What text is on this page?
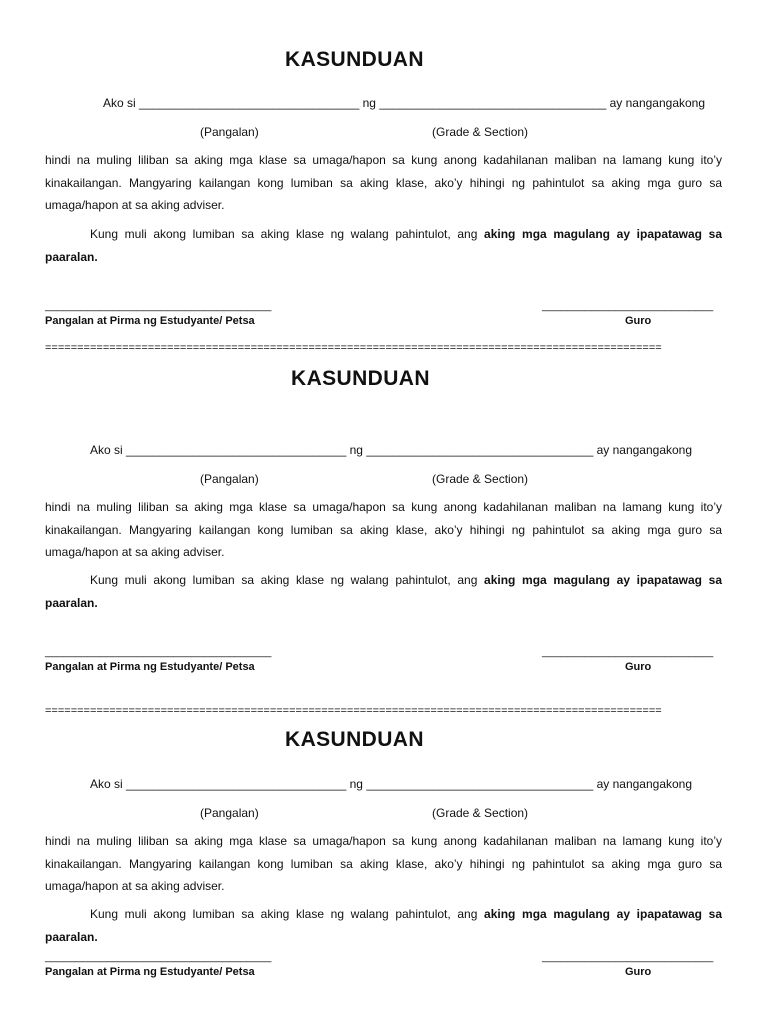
KASUNDUAN
Ako si _________________________________ ng __________________________________ ay nangangakong
(Pangalan)	(Grade & Section)

hindi na muling liliban sa aking mga klase sa umaga/hapon sa kung anong kadahilanan maliban na lamang kung ito’y kinakailangan. Mangyaring kailangan kong lumiban sa aking klase, ako’y hihingi ng pahintulot sa aking mga guro sa umaga/hapon at sa aking adviser.

Kung muli akong lumiban sa aking klase ng walang pahintulot, ang aking mga magulang ay ipapatawag sa paaralan.

_____________________________________
Pangalan at Pirma ng Estudyante/ Petsa
____________________________
Guro
================================================================================================
KASUNDUAN
Ako si _________________________________ ng __________________________________ ay nangangakong
(Pangalan)	(Grade & Section)

hindi na muling liliban sa aking mga klase sa umaga/hapon sa kung anong kadahilanan maliban na lamang kung ito’y kinakailangan. Mangyaring kailangan kong lumiban sa aking klase, ako’y hihingi ng pahintulot sa aking mga guro sa umaga/hapon at sa aking adviser.

Kung muli akong lumiban sa aking klase ng walang pahintulot, ang aking mga magulang ay ipapatawag sa paaralan.

_____________________________________
Pangalan at Pirma ng Estudyante/ Petsa
____________________________
Guro
================================================================================================
KASUNDUAN
Ako si _________________________________ ng __________________________________ ay nangangakong
(Pangalan)	(Grade & Section)

hindi na muling liliban sa aking mga klase sa umaga/hapon sa kung anong kadahilanan maliban na lamang kung ito’y kinakailangan. Mangyaring kailangan kong lumiban sa aking klase, ako’y hihingi ng pahintulot sa aking mga guro sa umaga/hapon at sa aking adviser.

Kung muli akong lumiban sa aking klase ng walang pahintulot, ang aking mga magulang ay ipapatawag sa paaralan.

_____________________________________
Pangalan at Pirma ng Estudyante/ Petsa
____________________________
Guro
